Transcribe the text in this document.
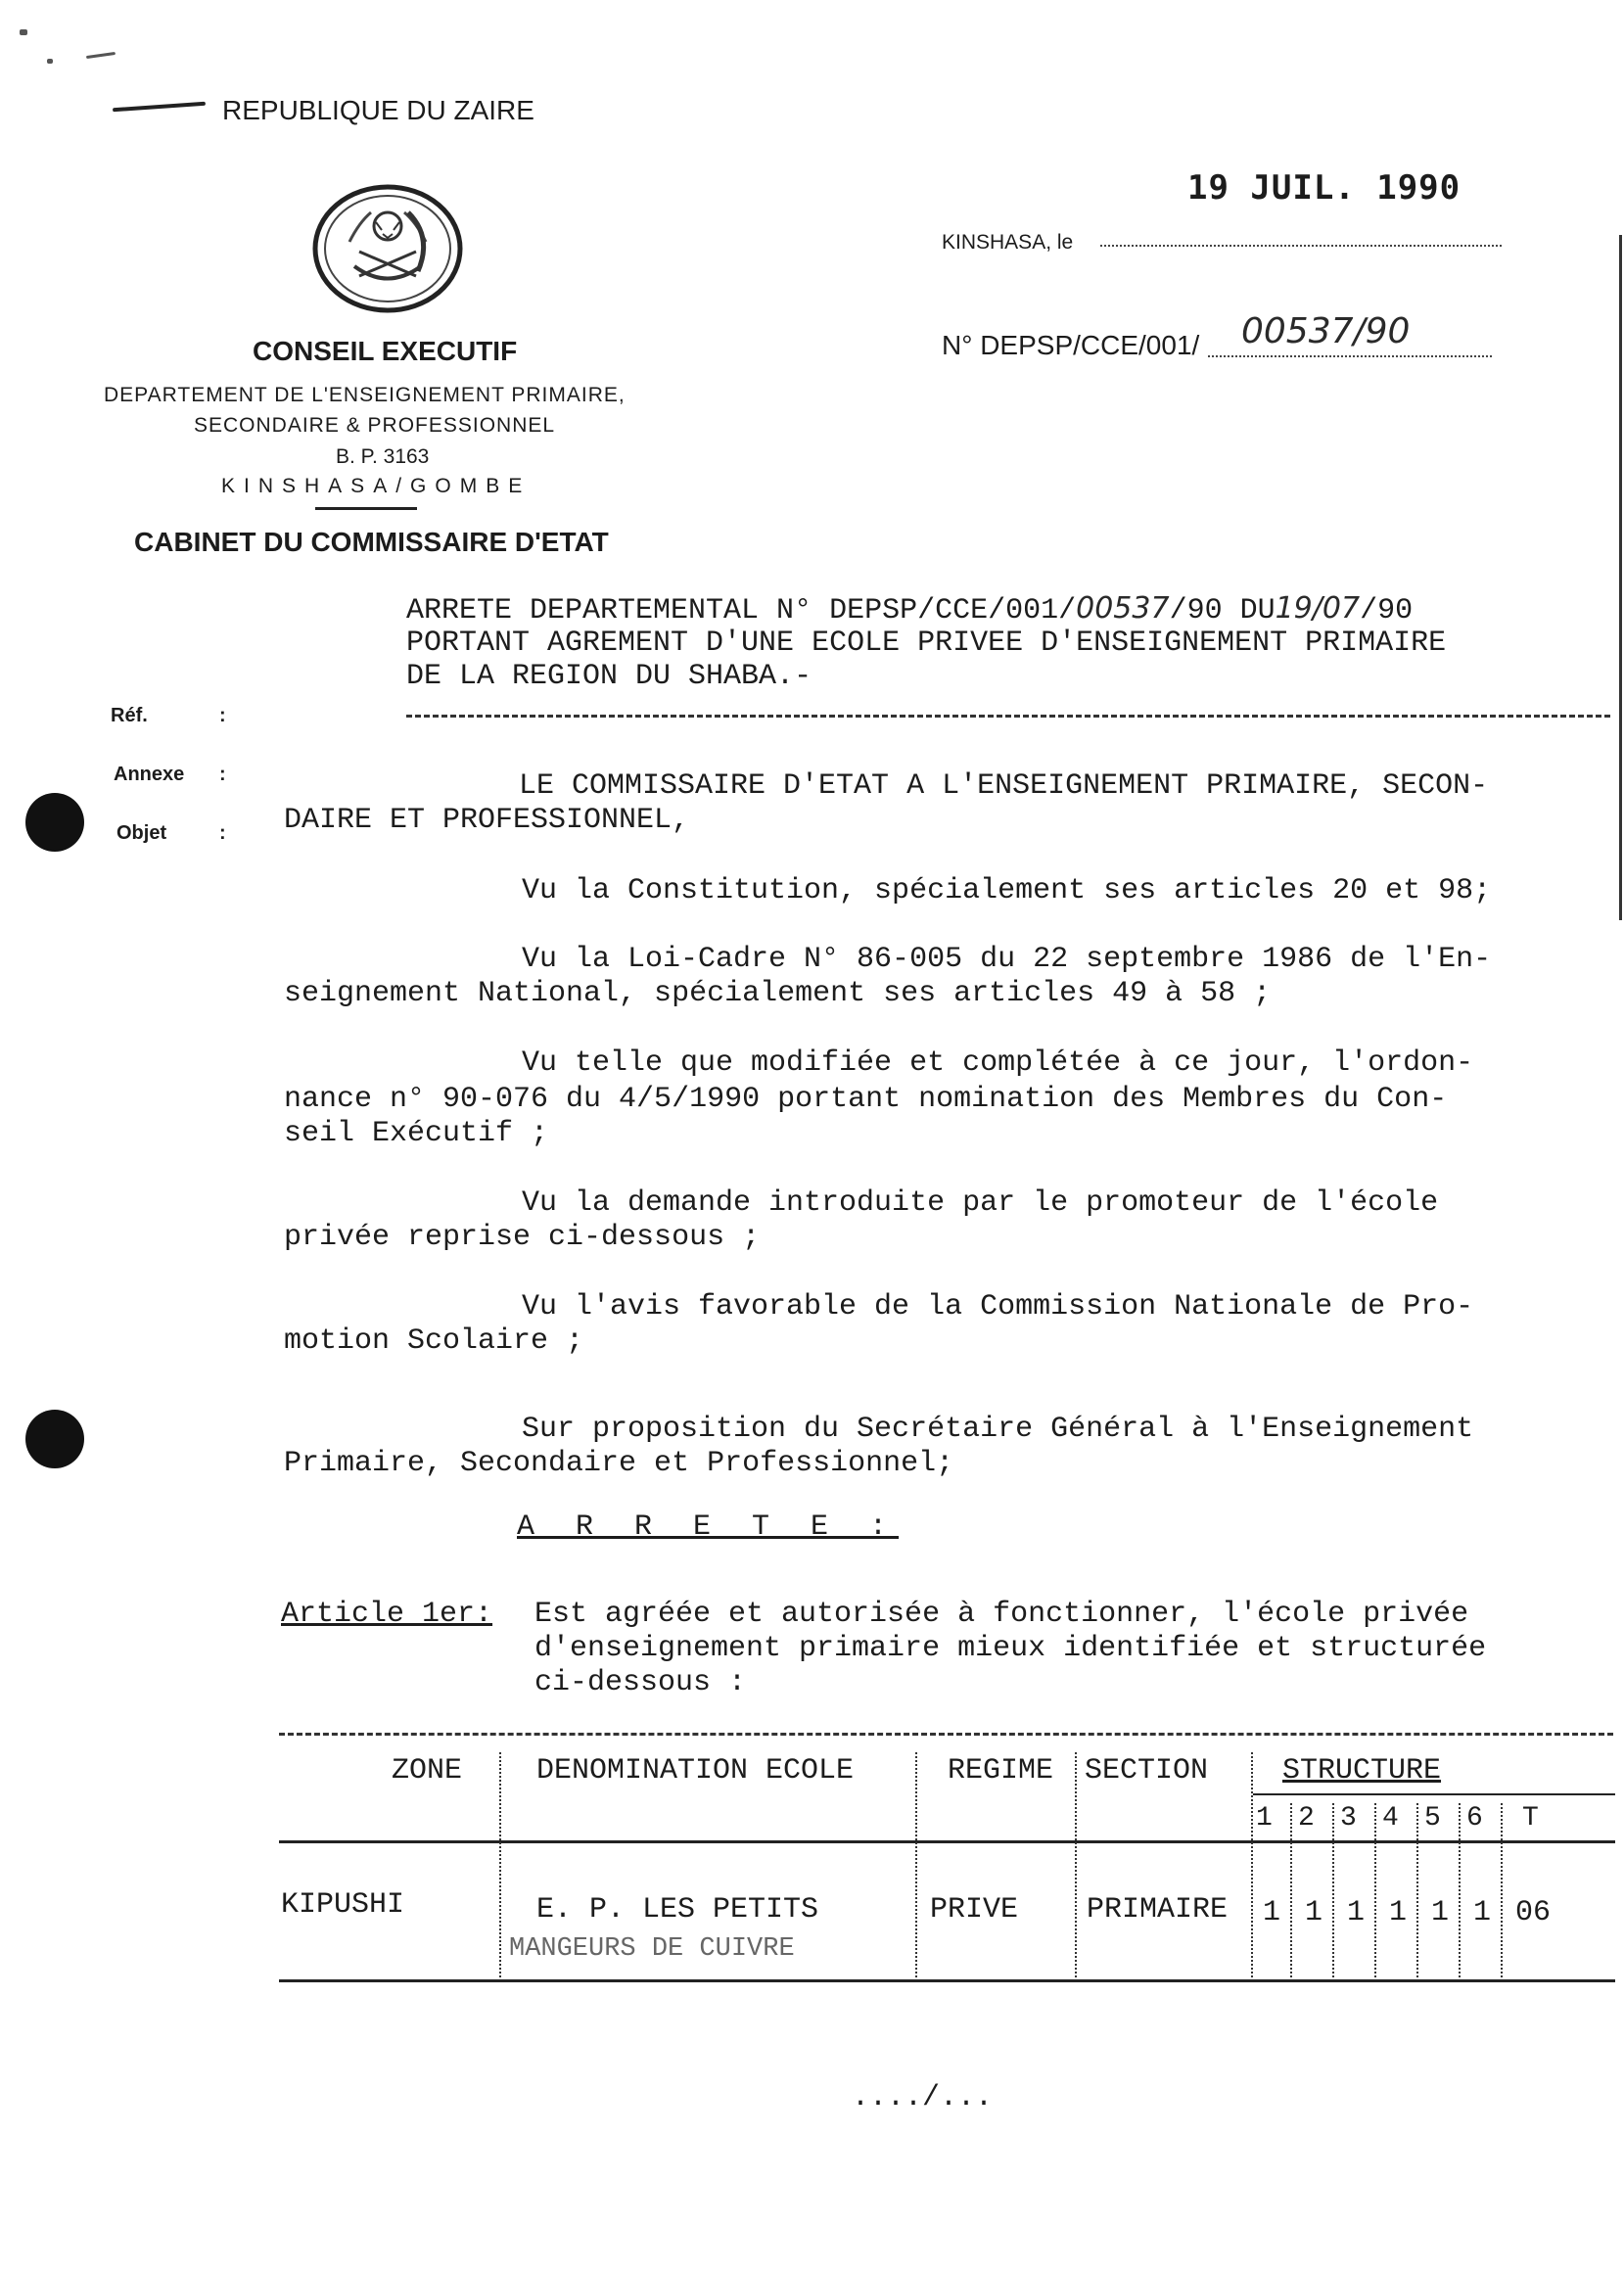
REPUBLIQUE DU ZAIRE
CONSEIL EXECUTIF
DEPARTEMENT DE L'ENSEIGNEMENT PRIMAIRE,
SECONDAIRE & PROFESSIONNEL
B. P. 3163
KINSHASA/GOMBE
CABINET DU COMMISSAIRE D'ETAT
19 JUIL. 1990
KINSHASA, le
N° DEPSP/CCE/001/ 00537/90
Réf.	:
Annexe :
Objet	:
ARRETE DEPARTEMENTAL N° DEPSP/CCE/001/00537/90 DU19/07/90
PORTANT AGREMENT D'UNE ECOLE PRIVEE D'ENSEIGNEMENT PRIMAIRE
DE LA REGION DU SHABA.-
LE COMMISSAIRE D'ETAT A L'ENSEIGNEMENT PRIMAIRE, SECON-
DAIRE ET PROFESSIONNEL,
Vu la Constitution, spécialement ses articles 20 et 98;
Vu la Loi-Cadre N° 86-005 du 22 septembre 1986 de l'En-
seignement National, spécialement ses articles 49 à 58 ;
Vu telle que modifiée et complétée à ce jour, l'ordon-
nance n° 90-076 du 4/5/1990 portant nomination des Membres du Con-
seil Exécutif ;
Vu la demande introduite par le promoteur de l'école
privée reprise ci-dessous ;
Vu l'avis favorable de la Commission Nationale de Pro-
motion Scolaire ;
Sur proposition du Secrétaire Général à l'Enseignement
Primaire, Secondaire et Professionnel;
A R R E T E :
Article 1er: Est agréée et autorisée à fonctionner, l'école privée
d'enseignement primaire mieux identifiée et structurée
ci-dessous :
ZONE	DENOMINATION ECOLE	REGIME SECTION	STRUCTURE
1 2 3 4 5 6 T
KIPUSHI	E. P. LES PETITS
MANGEURS DE CUIVRE
PRIVE PRIMAIRE 1 1 1 1 1 1 06
..../...
